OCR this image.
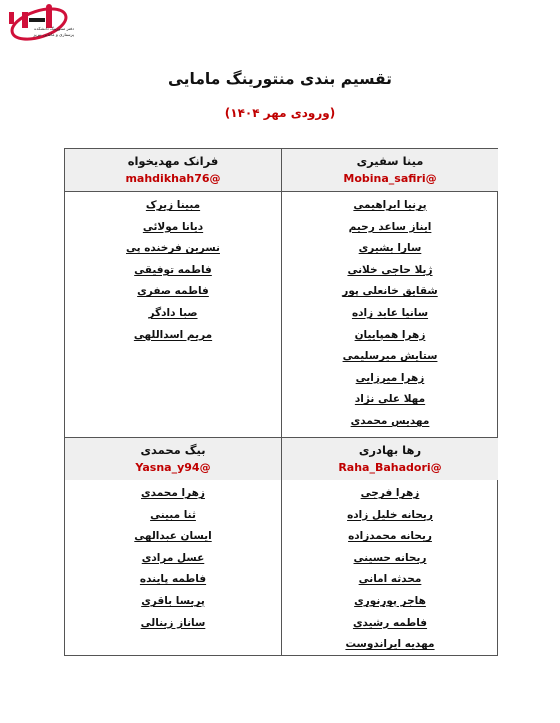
دفتر منتورینگ دانشکده
پرستاری و مامایی تبریز
تقسیم بندی منتورینگ مامایی
(ورودی مهر ۱۴۰۴)
مینا سفیری
@Mobina_safiri
پرنیا ابراهیمی
ایناز ساعد رحیم
سارا بشیری
ژیلا حاجی خلانی
شقایق خانعلی پور
سانیا عابد زاده
زهرا همپاییان
ستایش میرسلیمی
زهرا میرزایی
مهلا علی نژاد
مهدیس محمدی
فرانک مهدیخواه
@mahdikhah76
مبینا زیرک
دیانا مولائی
نسرین فرخنده پی
فاطمه توفیقی
فاطمه صفری
صبا دادگر
مریم اسداللهی
رها بهادری
@Raha_Bahadori
زهرا فرجی
ریحانه خلیل زاده
ریحانه محمدزاده
ریحانه حسینی
محدثه امانی
هاجر پورنوری
فاطمه رشیدی
مهدیه ایراندوست
بیگ محمدی
@Yasna_y94
زهرا محمدی
ثنا مبینی
ایسان عبدالهی
عسل مرادی
فاطمه پاینده
پریسا باقری
ساناز زینالی
